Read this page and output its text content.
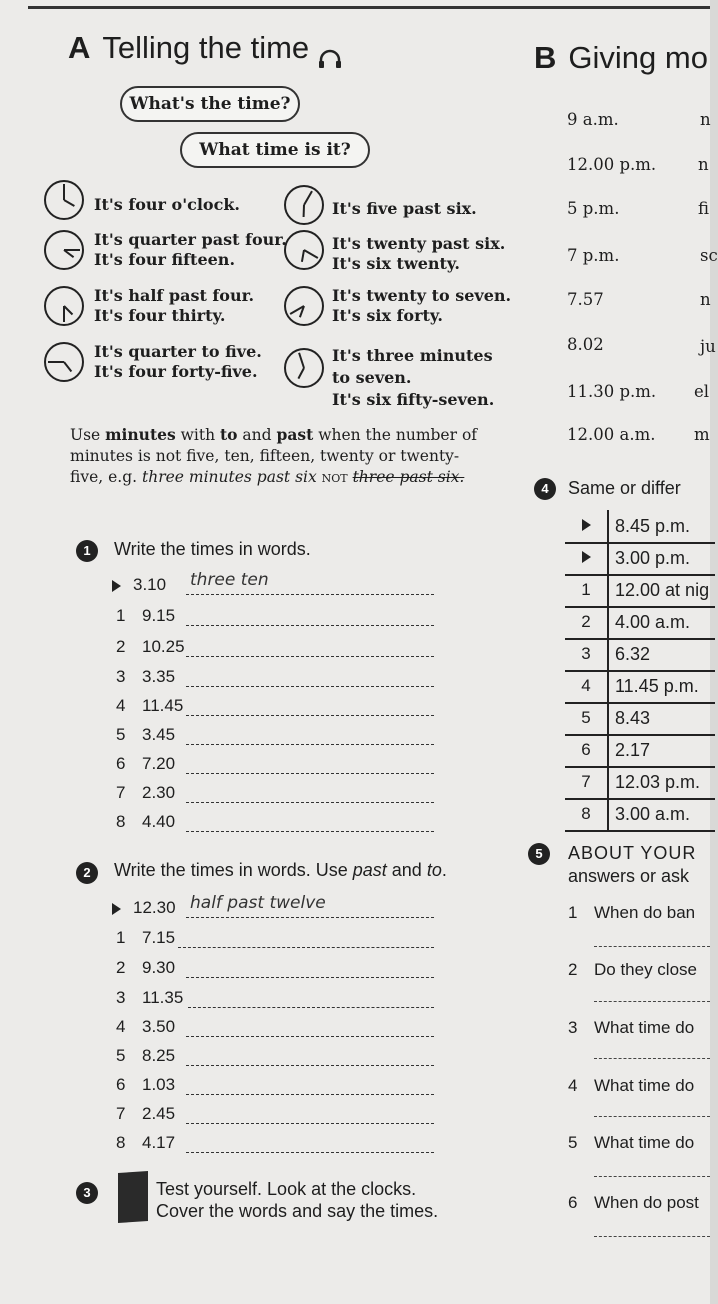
A Telling the time
What's the time?
What time is it?
It's four o'clock.
It's quarter past four.
It's four fifteen.
It's half past four.
It's four thirty.
It's quarter to five.
It's four forty-five.
It's five past six.
It's twenty past six.
It's six twenty.
It's twenty to seven.
It's six forty.
It's three minutes
to seven.
It's six fifty-seven.
Use minutes with to and past when the number of minutes is not five, ten, fifteen, twenty or twenty-five, e.g. three minutes past six not three past six.
1	Write the times in words.
3.10 three ten
1 9.15
2 10.25
3 3.35
4 11.45
5 3.45
6 7.20
7 2.30
8 4.40
2	Write the times in words. Use past and to.
12.30 half past twelve
1 7.15
2 9.30
3 11.35
4 3.50
5 8.25
6 1.03
7 2.45
8 4.17
3	Test yourself. Look at the clocks.
Cover the words and say the times.
B Giving mo
9 a.m.	n
12.00 p.m.	n
5 p.m.	fi
7 p.m.	sc
7.57	n
8.02	ju
11.30 p.m. el
12.00 a.m. m
4	Same or differ
8.45 p.m.
3.00 p.m.
1	12.00 at nig
2	4.00 a.m.
3	6.32
4	11.45 p.m.
5	8.43
6	2.17
7	12.03 p.m.
8	3.00 a.m.
5	ABOUT YOUR
answers or ask
1 When do ban
2 Do they close
3 What time do
4 What time do
5 What time do
6 When do post
